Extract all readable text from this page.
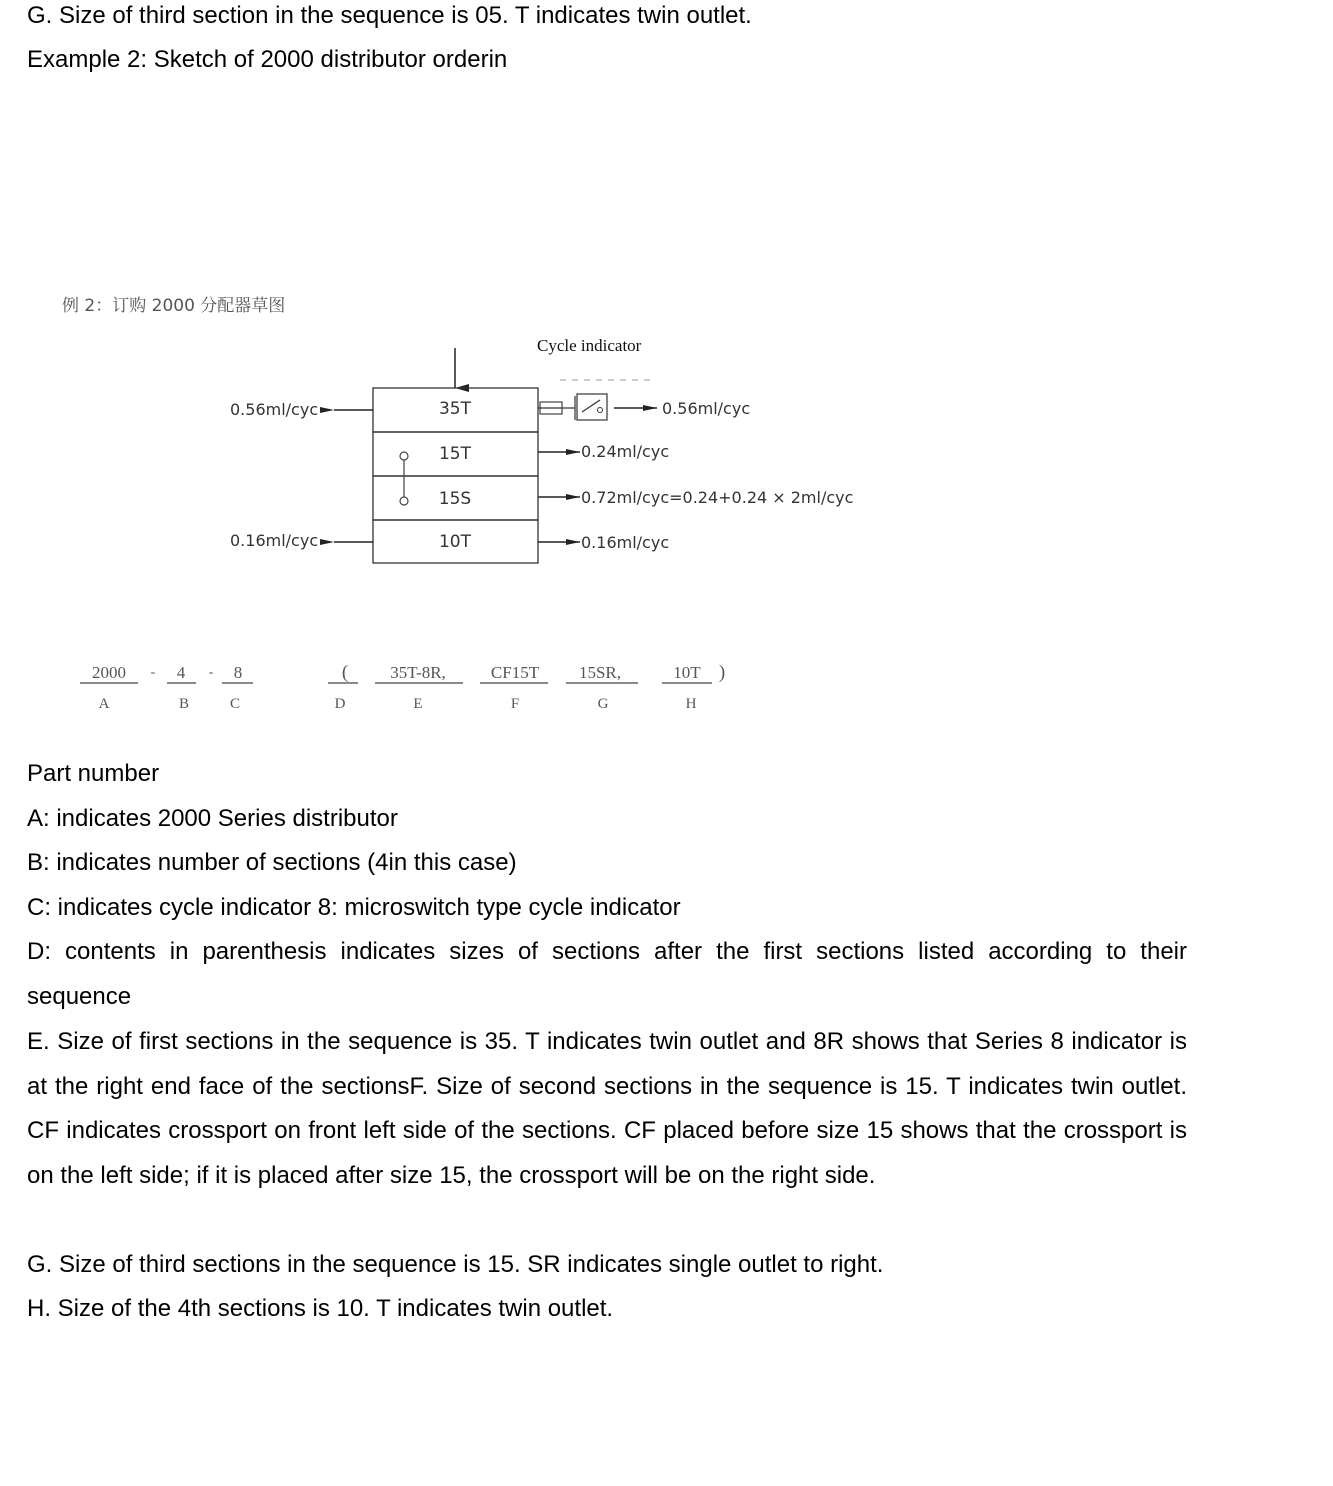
G. Size of third section in the sequence is 05. T indicates twin outlet.

Example 2: Sketch of 2000 distributor orderin

例 2：订购 2000 分配器草图
Cycle indicator
35T
15T
15S
10T
0.56ml/cyc
0.16ml/cyc
0.56ml/cyc
0.24ml/cyc
0.72ml/cyc=0.24+0.24 × 2ml/cyc
0.16ml/cyc
2000
A
- 4
B
- 8
C
(
D
35T-8R,
E
CF15T
F
15SR,
G
10T
H
)

Part number

A: indicates 2000 Series distributor

B: indicates number of sections (4in this case)

C: indicates cycle indicator 8: microswitch type cycle indicator

D: contents in parenthesis indicates sizes of sections after the first sections listed according to their sequence

E. Size of first sections in the sequence is 35. T indicates twin outlet and 8R shows that Series 8 indicator is at the right end face of the sectionsF. Size of second sections in the sequence is 15. T indicates twin outlet. CF indicates crossport on front left side of the sections. CF placed before size 15 shows that the crossport is on the left side; if it is placed after size 15, the crossport will be on the right side.

G. Size of third sections in the sequence is 15. SR indicates single outlet to right.

H. Size of the 4th sections is 10. T indicates twin outlet.
